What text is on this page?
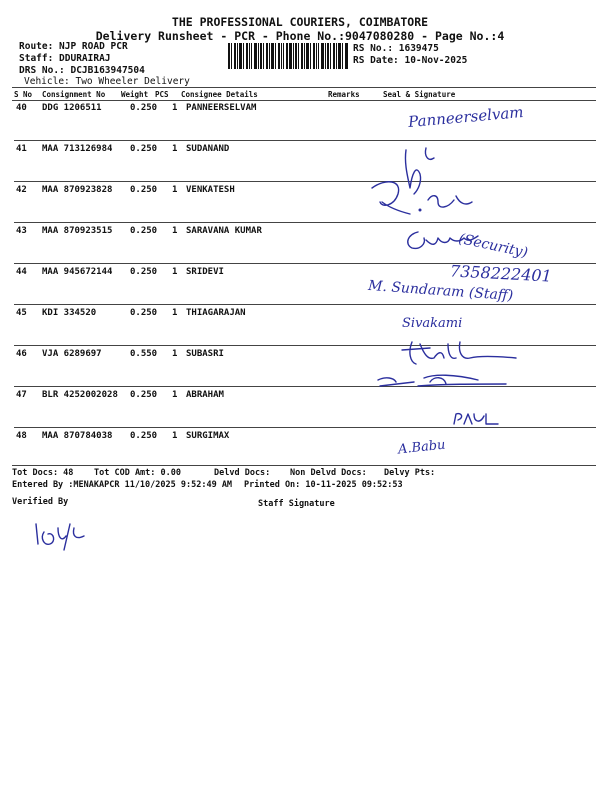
THE PROFESSIONAL COURIERS, COIMBATORE
Delivery Runsheet - PCR - Phone No.:9047080280 - Page No.:4
Route: NJP ROAD PCR
Staff: DDURAIRAJ
DRS No.: DCJB163947504
Vehicle: Two Wheeler Delivery
RS No.: 1639475
RS Date: 10-Nov-2025
S No Consignment No Weight PCS Consignee Details	Remarks	Seal & Signature
40 DDG 1206511	0.250 1 PANNEERSELVAM
41 MAA 713126984 0.250 1 SUDANAND
42 MAA 870923828 0.250 1 VENKATESH
43 MAA 870923515 0.250 1 SARAVANA KUMAR
44 MAA 945672144 0.250 1 SRIDEVI
45 KDI 334520	0.250 1 THIAGARAJAN
46 VJA 6289697	0.550 1 SUBASRI
47 BLR 4252002028 0.250 1 ABRAHAM
48 MAA 870784038 0.250 1 SURGIMAX
Panneerselvam
(Security)
7358222401
M. Sundaram (Staff)
Sivakami
A.Babu
Tot Docs: 48 Tot COD Amt: 0.00	Delvd Docs: Non Delvd Docs: Delvy Pts:
Entered By :MENAKAPCR 11/10/2025 9:52:49 AM Printed On: 10-11-2025 09:52:53
Verified By	Staff Signature
